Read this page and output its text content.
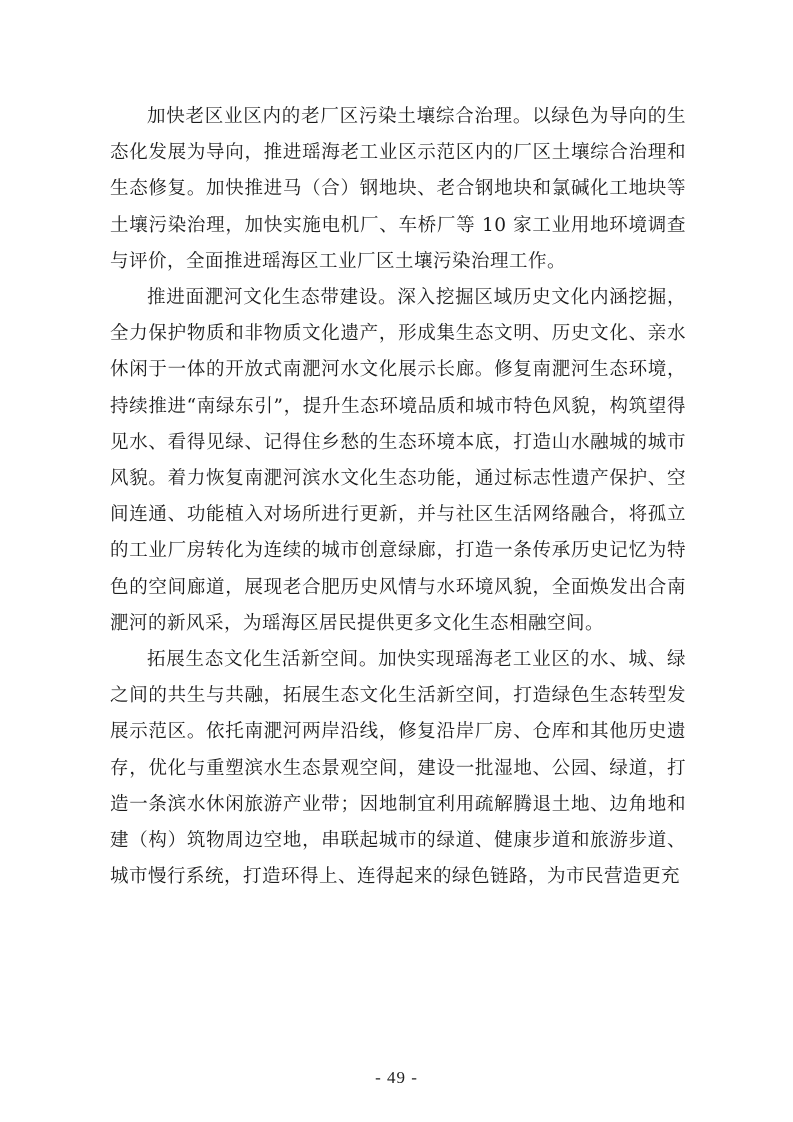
加快老区业区内的老厂区污染土壤综合治理。以绿色为导向的生态化发展为导向，推进瑶海老工业区示范区内的厂区土壤综合治理和生态修复。加快推进马（合）钢地块、老合钢地块和氯碱化工地块等土壤污染治理，加快实施电机厂、车桥厂等 10 家工业用地环境调查与评价，全面推进瑶海区工业厂区土壤污染治理工作。

推进面淝河文化生态带建设。深入挖掘区域历史文化内涵挖掘，全力保护物质和非物质文化遗产，形成集生态文明、历史文化、亲水休闲于一体的开放式南淝河水文化展示长廊。修复南淝河生态环境，持续推进“南绿东引”，提升生态环境品质和城市特色风貌，构筑望得见水、看得见绿、记得住乡愁的生态环境本底，打造山水融城的城市风貌。着力恢复南淝河滨水文化生态功能，通过标志性遗产保护、空间连通、功能植入对场所进行更新，并与社区生活网络融合，将孤立的工业厂房转化为连续的城市创意绿廊，打造一条传承历史记忆为特色的空间廊道，展现老合肥历史风情与水环境风貌，全面焕发出合南淝河的新风采，为瑶海区居民提供更多文化生态相融空间。

拓展生态文化生活新空间。加快实现瑶海老工业区的水、城、绿之间的共生与共融，拓展生态文化生活新空间，打造绿色生态转型发展示范区。依托南淝河两岸沿线，修复沿岸厂房、仓库和其他历史遗存，优化与重塑滨水生态景观空间，建设一批湿地、公园、绿道，打造一条滨水休闲旅游产业带；因地制宜利用疏解腾退土地、边角地和建（构）筑物周边空地，串联起城市的绿道、健康步道和旅游步道、城市慢行系统，打造环得上、连得起来的绿色链路，为市民营造更充

- 49 -
